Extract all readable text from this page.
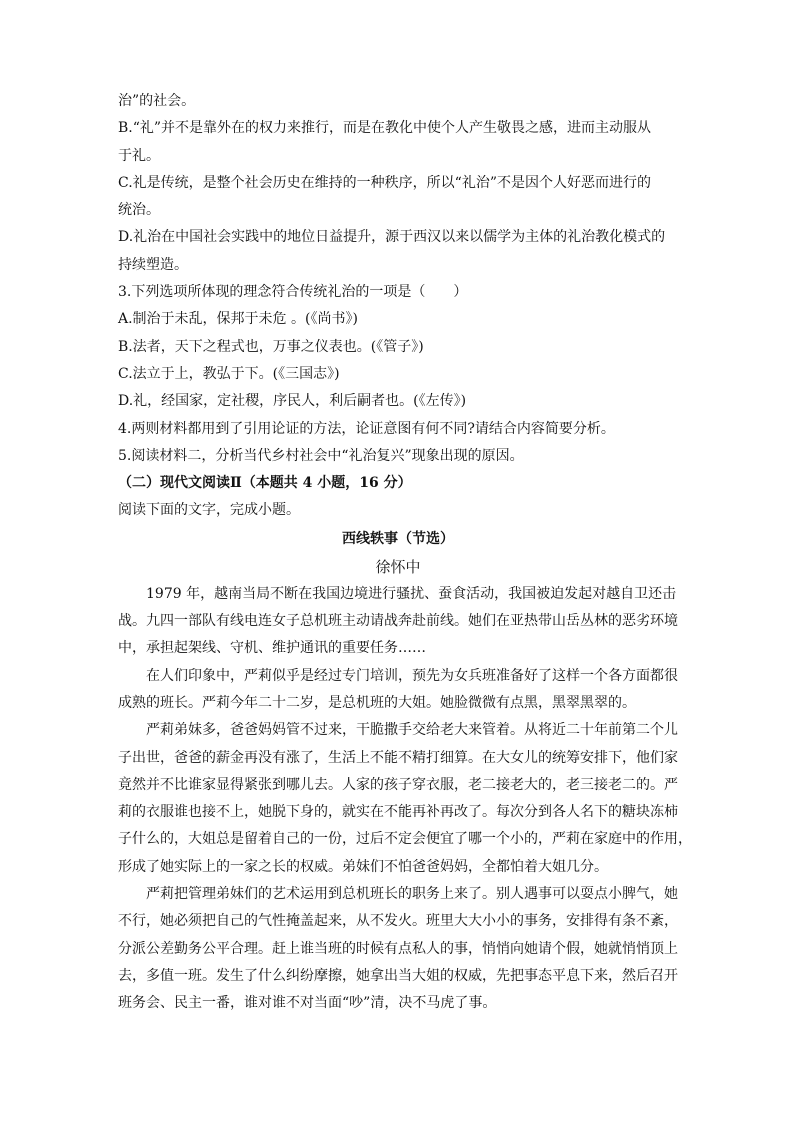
治”的社会。
B.“礼”并不是靠外在的权力来推行，而是在教化中使个人产生敬畏之感，进而主动服从
于礼。
C.礼是传统，是整个社会历史在维持的一种秩序，所以“礼治”不是因个人好恶而进行的
统治。
D.礼治在中国社会实践中的地位日益提升，源于西汉以来以儒学为主体的礼治教化模式的
持续塑造。
3.下列选项所体现的理念符合传统礼治的一项是（　　）
A.制治于未乱，保邦于未危 。(《尚书》)
B.法者，天下之程式也，万事之仪表也。(《管子》)
C.法立于上，教弘于下。(《三国志》)
D.礼，经国家，定社稷，序民人，利后嗣者也。(《左传》)
4.两则材料都用到了引用论证的方法，论证意图有何不同?请结合内容简要分析。
5.阅读材料二，分析当代乡村社会中“礼治复兴”现象出现的原因。
（二）现代文阅读Ⅱ（本题共 4 小题，16 分）
阅读下面的文字，完成小题。
西线轶事（节选）
徐怀中
1979 年，越南当局不断在我国边境进行骚扰、蚕食活动，我国被迫发起对越自卫还击
战。九四一部队有线电连女子总机班主动请战奔赴前线。她们在亚热带山岳丛林的恶劣环境
中，承担起架线、守机、维护通讯的重要任务……
在人们印象中，严莉似乎是经过专门培训，预先为女兵班准备好了这样一个各方面都很
成熟的班长。严莉今年二十二岁，是总机班的大姐。她脸微微有点黑，黑翠黑翠的。
严莉弟妹多，爸爸妈妈管不过来，干脆撒手交给老大来管着。从将近二十年前第二个儿
子出世，爸爸的薪金再没有涨了，生活上不能不精打细算。在大女儿的统筹安排下，他们家
竟然并不比谁家显得紧张到哪儿去。人家的孩子穿衣服，老二接老大的，老三接老二的。严
莉的衣服谁也接不上，她脱下身的，就实在不能再补再改了。每次分到各人名下的糖块冻柿
子什么的，大姐总是留着自己的一份，过后不定会便宜了哪一个小的，严莉在家庭中的作用，
形成了她实际上的一家之长的权威。弟妹们不怕爸爸妈妈，全都怕着大姐几分。
严莉把管理弟妹们的艺术运用到总机班长的职务上来了。别人遇事可以耍点小脾气，她
不行，她必须把自己的气性掩盖起来，从不发火。班里大大小小的事务，安排得有条不紊，
分派公差勤务公平合理。赶上谁当班的时候有点私人的事，悄悄向她请个假，她就悄悄顶上
去，多值一班。发生了什么纠纷摩擦，她拿出当大姐的权威，先把事态平息下来，然后召开
班务会、民主一番，谁对谁不对当面“吵”清，决不马虎了事。
